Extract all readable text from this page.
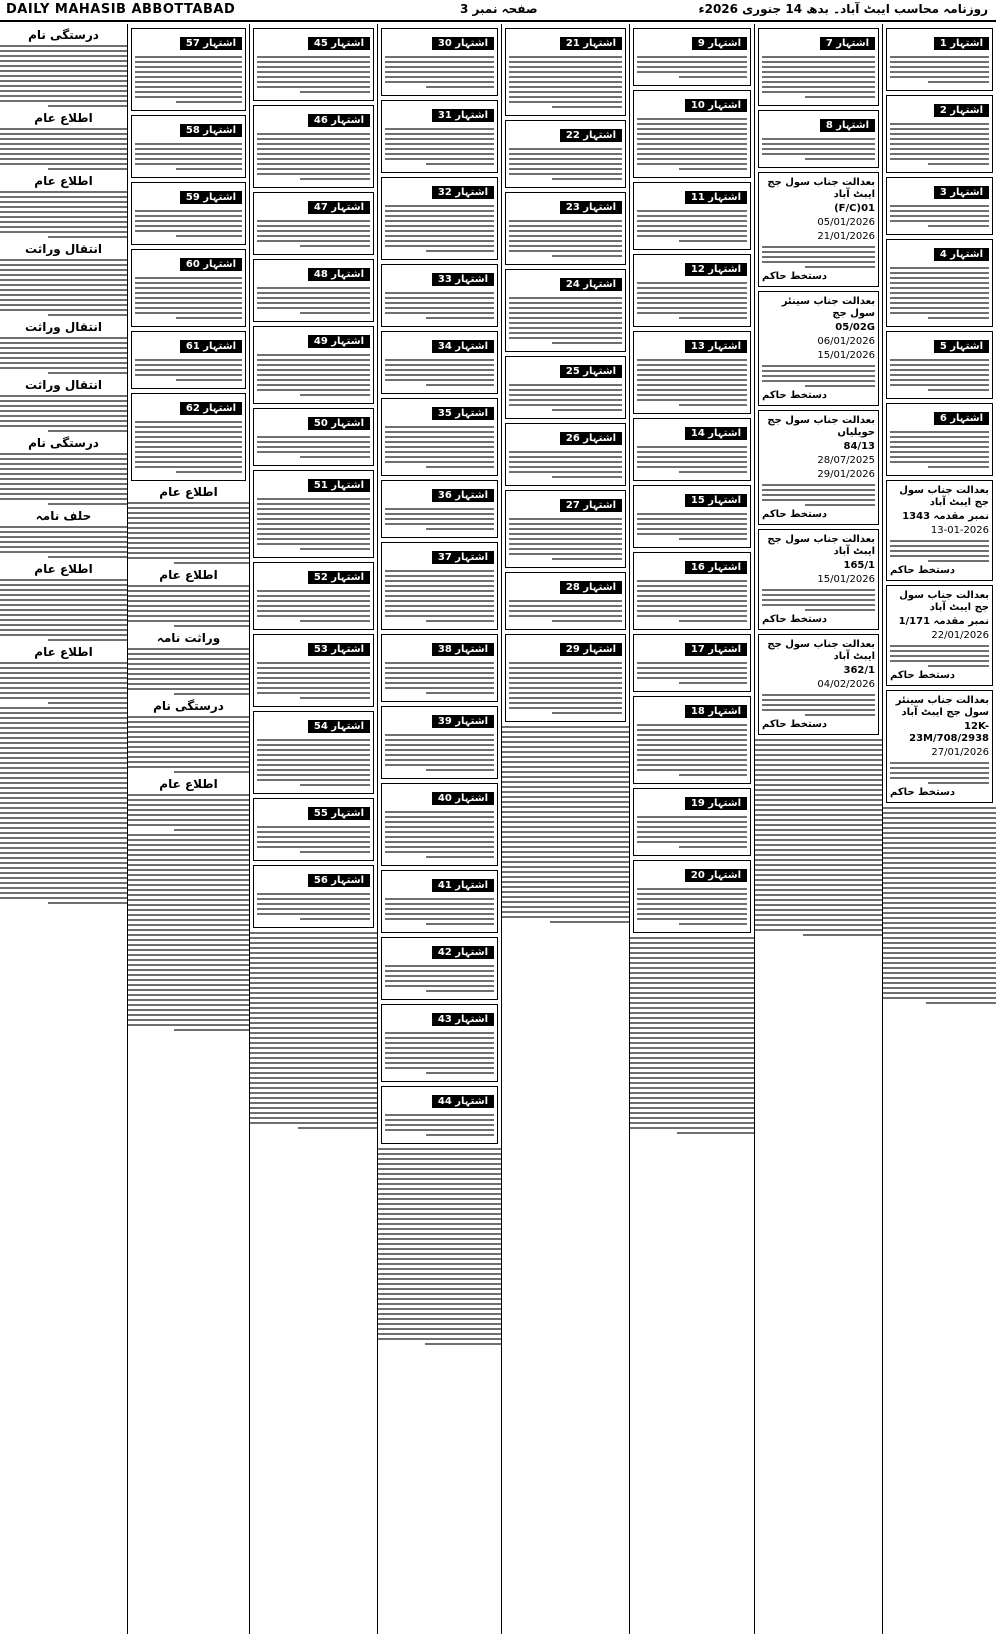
DAILY MAHASIB ABBOTTABAD	صفحہ نمبر 3	روزنامہ محاسب ایبٹ آباد۔ بدھ 14 جنوری 2026ء
اشتہار 1
اشتہار 2
اشتہار 3
اشتہار 4
اشتہار 5
اشتہار 6

بعدالت جناب سول جج ایبٹ آباد

نمبر مقدمہ 1343

13-01-2026

دستخط حاکم

بعدالت جناب سول جج ایبٹ آباد

نمبر مقدمہ 1/171

22/01/2026

دستخط حاکم

بعدالت جناب سینئر سول جج ایبٹ آباد

12K-23M/708/2938

27/01/2026

دستخط حاکم
اشتہار 7
اشتہار 8

بعدالت جناب سول جج ایبٹ آباد

01(F/C)

05/01/2026

21/01/2026

دستخط حاکم

بعدالت جناب سینئر سول جج

05/02G

06/01/2026

15/01/2026

دستخط حاکم

بعدالت جناب سول جج حویلیاں

84/13

28/07/2025

29/01/2026

دستخط حاکم

بعدالت جناب سول جج ایبٹ آباد

165/1

15/01/2026

دستخط حاکم

بعدالت جناب سول جج ایبٹ آباد

362/1

04/02/2026

دستخط حاکم
اشتہار 9
اشتہار 10
اشتہار 11
اشتہار 12
اشتہار 13
اشتہار 14
اشتہار 15
اشتہار 16
اشتہار 17
اشتہار 18
اشتہار 19
اشتہار 20
اشتہار 21
اشتہار 22
اشتہار 23
اشتہار 24
اشتہار 25
اشتہار 26
اشتہار 27
اشتہار 28
اشتہار 29
اشتہار 30
اشتہار 31
اشتہار 32
اشتہار 33
اشتہار 34
اشتہار 35
اشتہار 36
اشتہار 37
اشتہار 38
اشتہار 39
اشتہار 40
اشتہار 41
اشتہار 42
اشتہار 43
اشتہار 44
اشتہار 45
اشتہار 46
اشتہار 47
اشتہار 48
اشتہار 49
اشتہار 50
اشتہار 51
اشتہار 52
اشتہار 53
اشتہار 54
اشتہار 55
اشتہار 56
اشتہار 57
اشتہار 58
اشتہار 59
اشتہار 60
اشتہار 61
اشتہار 62
اطلاع عام
اطلاع عام
وراثت نامہ
درستگی نام
اطلاع عام
درستگی نام
اطلاع عام
اطلاع عام
انتقال وراثت
انتقال وراثت
انتقال وراثت
درستگی نام
حلف نامہ
اطلاع عام
اطلاع عام
